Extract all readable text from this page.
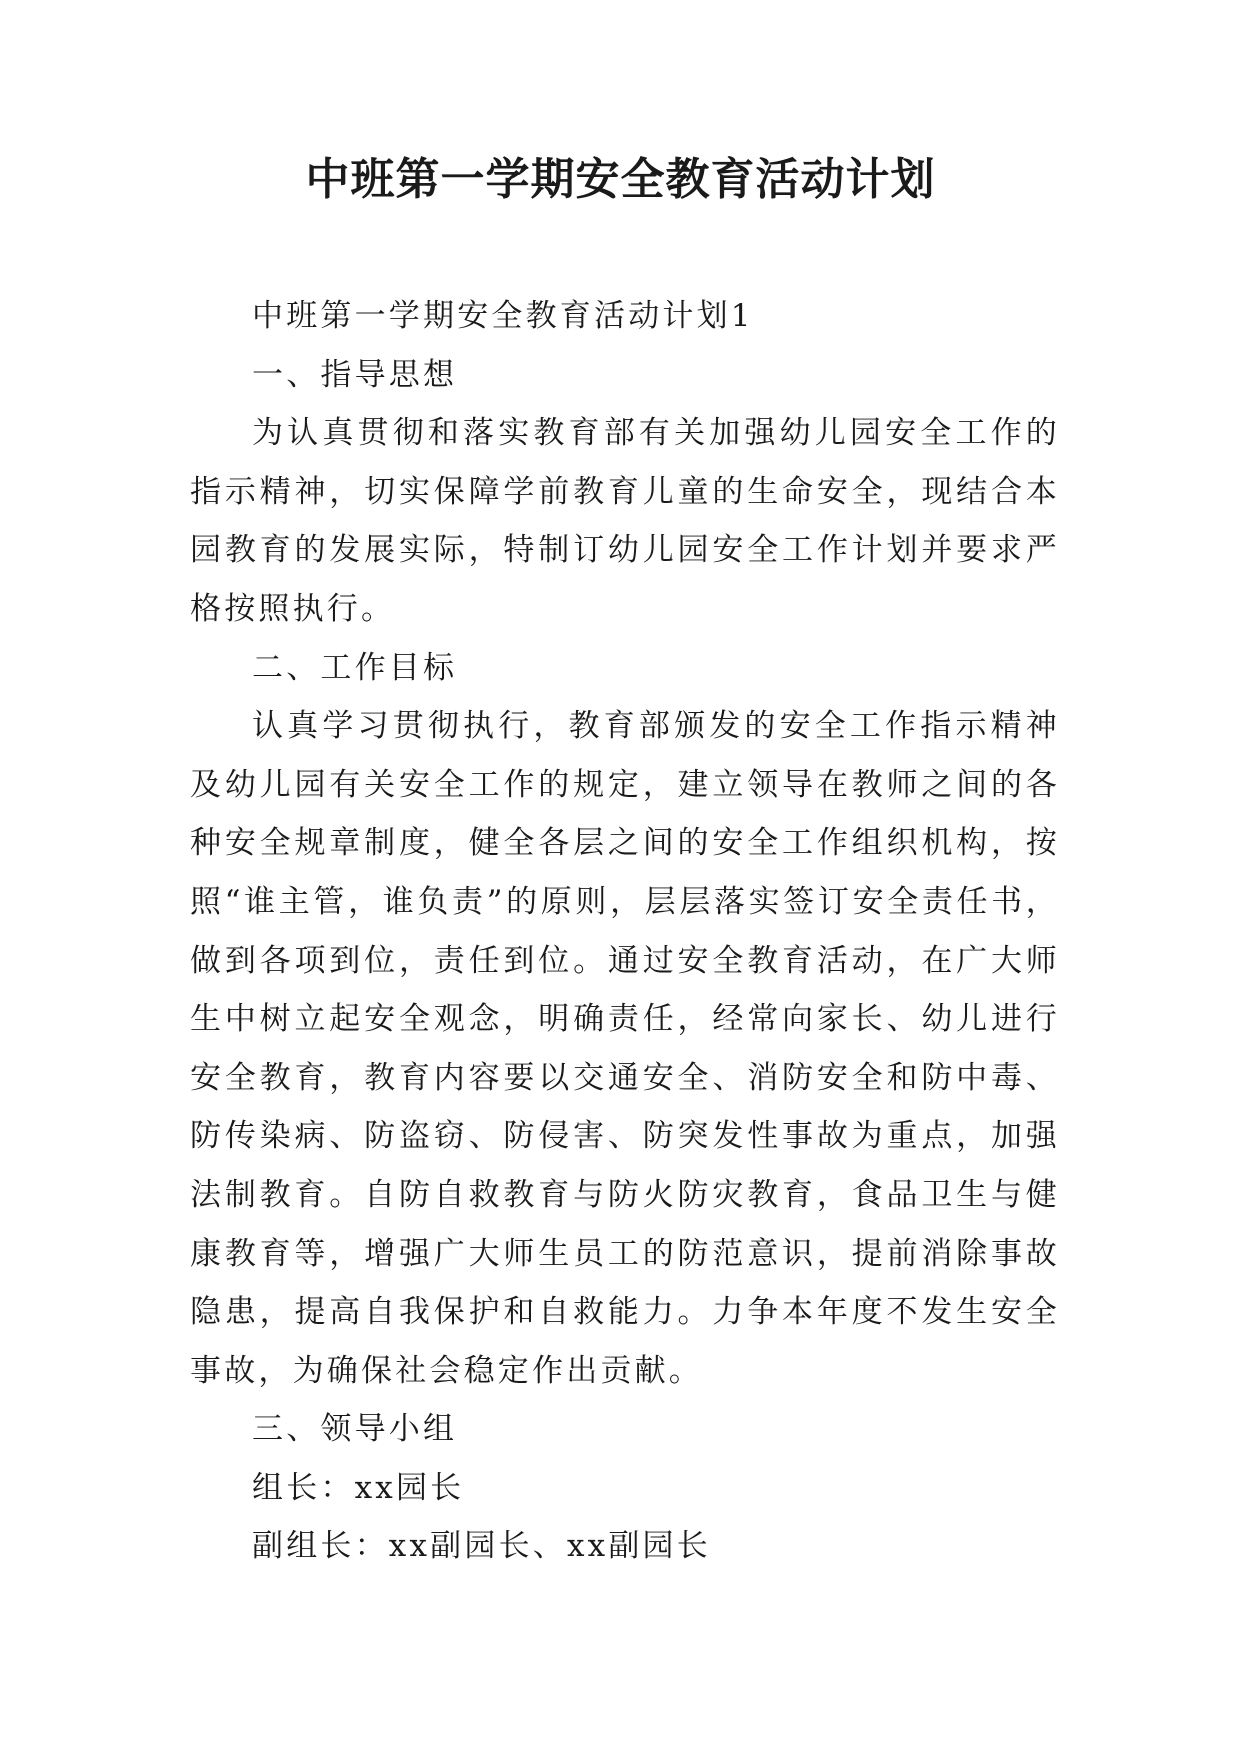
中班第一学期安全教育活动计划

中班第一学期安全教育活动计划1

一、指导思想

为认真贯彻和落实教育部有关加强幼儿园安全工作的指示精神，切实保障学前教育儿童的生命安全，现结合本园教育的发展实际，特制订幼儿园安全工作计划并要求严格按照执行。

二、工作目标

认真学习贯彻执行，教育部颁发的安全工作指示精神及幼儿园有关安全工作的规定，建立领导在教师之间的各种安全规章制度，健全各层之间的安全工作组织机构，按照“谁主管，谁负责”的原则，层层落实签订安全责任书，做到各项到位，责任到位。通过安全教育活动，在广大师生中树立起安全观念，明确责任，经常向家长、幼儿进行安全教育，教育内容要以交通安全、消防安全和防中毒、防传染病、防盗窃、防侵害、防突发性事故为重点，加强法制教育。自防自救教育与防火防灾教育，食品卫生与健康教育等，增强广大师生员工的防范意识，提前消除事故隐患，提高自我保护和自救能力。力争本年度不发生安全事故，为确保社会稳定作出贡献。

三、领导小组

组长：xx园长

副组长：xx副园长、xx副园长
